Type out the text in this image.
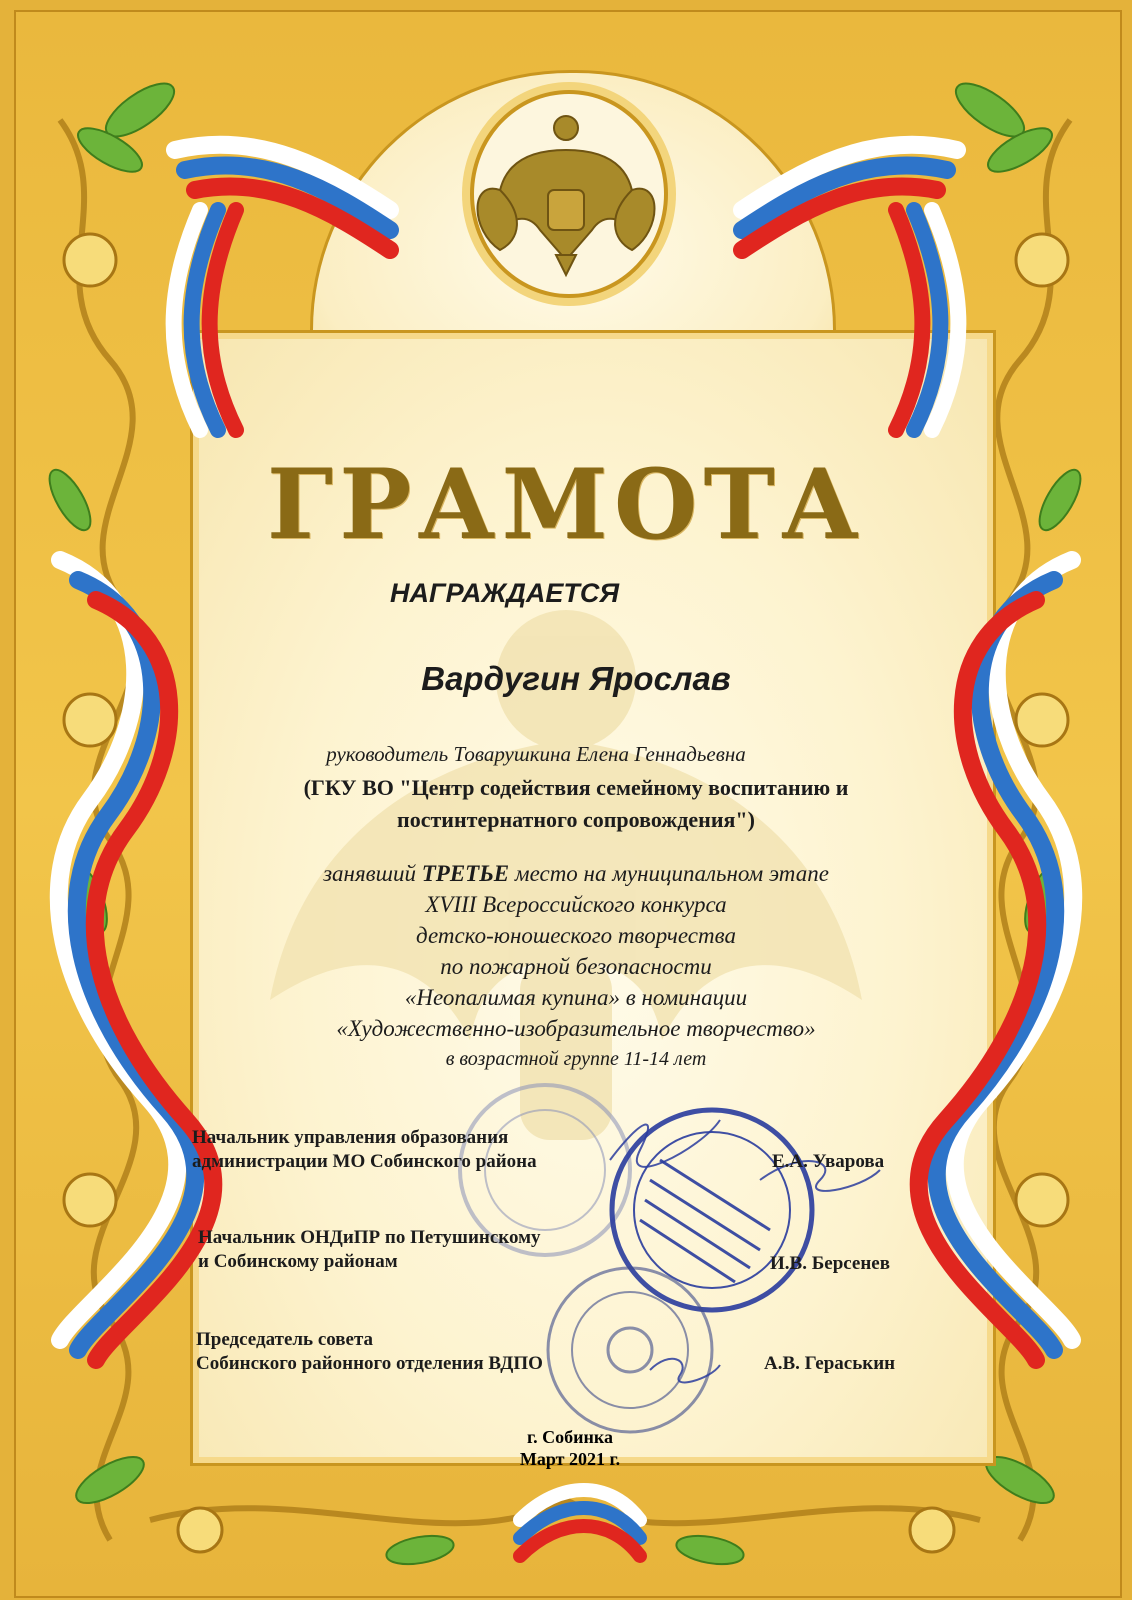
ГРАМОТА
НАГРАЖДАЕТСЯ
Вардугин Ярослав
руководитель Товарушкина Елена Геннадьевна
(ГКУ ВО "Центр содействия семейному воспитанию и
постинтернатного сопровождения")
занявший ТРЕТЬЕ место на муниципальном этапе
XVIII Всероссийского конкурса
детско-юношеского творчества
по пожарной безопасности
«Неопалимая купина» в номинации
«Художественно-изобразительное творчество»
в возрастной группе 11-14 лет
Начальник управления образования
администрации МО Собинского района	Е.А. Уварова
Начальник ОНДиПР по Петушинскому
и Собинскому районам	И.В. Берсенев
Председатель совета
Собинского районного отделения ВДПО	А.В. Гераськин
г. Собинка
Март 2021 г.
